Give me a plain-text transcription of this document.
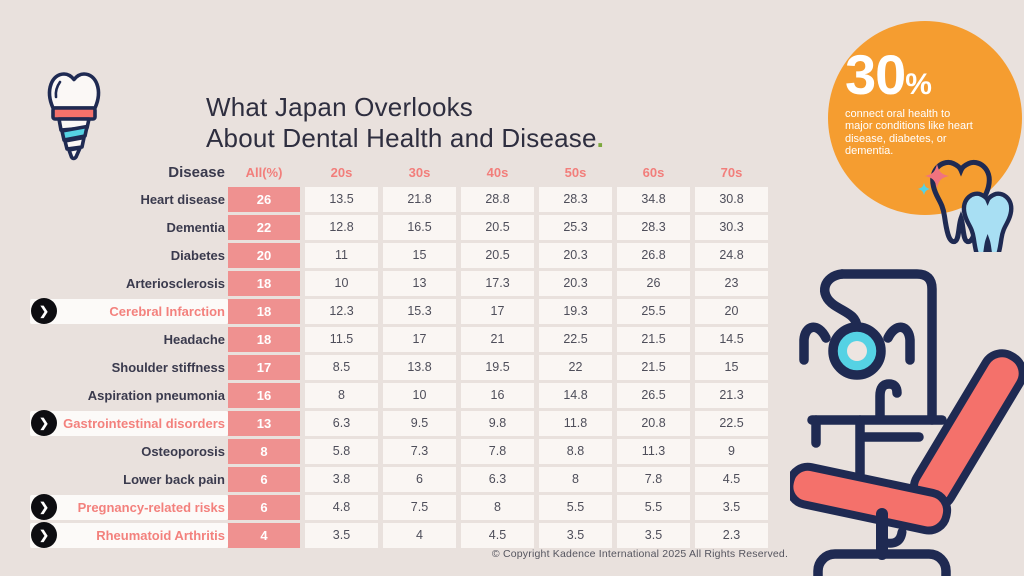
What Japan Overlooks
About Dental Health and Disease.
30%
connect oral health to major conditions like heart disease, diabetes, or dementia.
Disease	All(%)	20s	30s	40s	50s	60s	70s
Heart disease	26	13.5	21.8	28.8	28.3	34.8	30.8
Dementia	22	12.8	16.5	20.5	25.3	28.3	30.3
Diabetes	20	11	15	20.5	20.3	26.8	24.8
Arteriosclerosis	18	10	13	17.3	20.3	26	23
❯	Cerebral Infarction	18	12.3	15.3	17	19.3	25.5	20
Headache	18	11.5	17	21	22.5	21.5	14.5
Shoulder stiffness	17	8.5	13.8	19.5	22	21.5	15
Aspiration pneumonia	16	8	10	16	14.8	26.5	21.3
❯	Gastrointestinal disorders	13	6.3	9.5	9.8	11.8	20.8	22.5
Osteoporosis	8	5.8	7.3	7.8	8.8	11.3	9
Lower back pain	6	3.8	6	6.3	8	7.8	4.5
❯	Pregnancy-related risks	6	4.8	7.5	8	5.5	5.5	3.5
❯	Rheumatoid Arthritis	4	3.5	4	4.5	3.5	3.5	2.3
© Copyright Kadence International 2025 All Rights Reserved.
